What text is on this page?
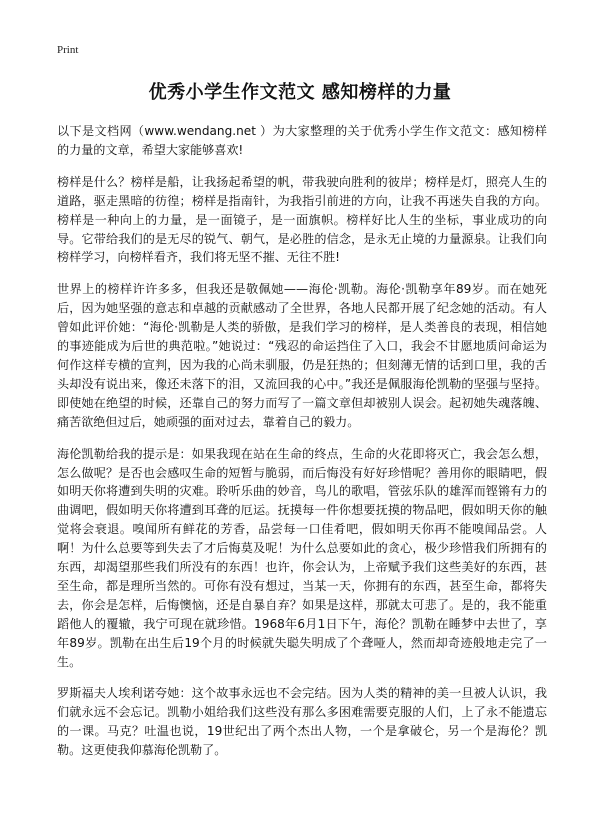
Print
优秀小学生作文范文 感知榜样的力量

以下是文档网（www.wendang.net ）为大家整理的关于优秀小学生作文范文：感知榜样的力量的文章，希望大家能够喜欢!

榜样是什么？榜样是船，让我扬起希望的帆，带我驶向胜利的彼岸；榜样是灯，照亮人生的道路，驱走黑暗的彷徨；榜样是指南针，为我指引前进的方向，让我不再迷失自我的方向。榜样是一种向上的力量，是一面镜子，是一面旗帜。榜样好比人生的坐标，事业成功的向导。它带给我们的是无尽的锐气、朝气，是必胜的信念，是永无止境的力量源泉。让我们向榜样学习，向榜样看齐，我们将无坚不摧、无往不胜!

世界上的榜样许许多多，但我还是敬佩她——海伦·凯勒。海伦·凯勒享年89岁。而在她死后，因为她坚强的意志和卓越的贡献感动了全世界，各地人民都开展了纪念她的活动。有人曾如此评价她：“海伦·凯勒是人类的骄傲，是我们学习的榜样，是人类善良的表现，相信她的事迹能成为后世的典范啦。”她说过：“残忍的命运挡住了入口，我会不甘愿地质问命运为何作这样专横的宣判，因为我的心尚未驯服，仍是狂热的；但刻薄无情的话到口里，我的舌头却没有说出来，像还未落下的泪，又流回我的心中。”我还是佩服海伦凯勒的坚强与坚持。即使她在绝望的时候，还靠自己的努力而写了一篇文章但却被别人误会。起初她失魂落魄、痛苦欲绝但过后，她顽强的面对过去，靠着自己的毅力。

海伦凯勒给我的提示是：如果我现在站在生命的终点，生命的火花即将灭亡，我会怎么想，怎么做呢？是否也会感叹生命的短暂与脆弱，而后悔没有好好珍惜呢？善用你的眼睛吧，假如明天你将遭到失明的灾难。聆听乐曲的妙音，鸟儿的歌唱，管弦乐队的雄浑而铿锵有力的曲调吧，假如明天你将遭到耳聋的厄运。抚摸每一件你想要抚摸的物品吧，假如明天你的触觉将会衰退。嗅闻所有鲜花的芳香，品尝每一口佳肴吧，假如明天你再不能嗅闻品尝。人啊！为什么总要等到失去了才后悔莫及呢！为什么总要如此的贪心，极少珍惜我们所拥有的东西，却渴望那些我们所没有的东西！也许，你会认为，上帝赋予我们这些美好的东西，甚至生命，都是理所当然的。可你有没有想过，当某一天，你拥有的东西，甚至生命，都将失去，你会是怎样，后悔懊恼，还是自暴自弃？如果是这样，那就太可悲了。是的，我不能重蹈他人的覆辙，我宁可现在就珍惜。1968年6月1日下午，海伦？凯勒在睡梦中去世了，享年89岁。凯勒在出生后19个月的时候就失聪失明成了个聋哑人，然而却奇迹般地走完了一生。

罗斯福夫人埃利诺夸她：这个故事永远也不会完结。因为人类的精神的美一旦被人认识，我们就永远不会忘记。凯勒小姐给我们这些没有那么多困难需要克服的人们，上了永不能遗忘的一课。马克？吐温也说，19世纪出了两个杰出人物，一个是拿破仑，另一个是海伦？凯勒。这更使我仰慕海伦凯勒了。
